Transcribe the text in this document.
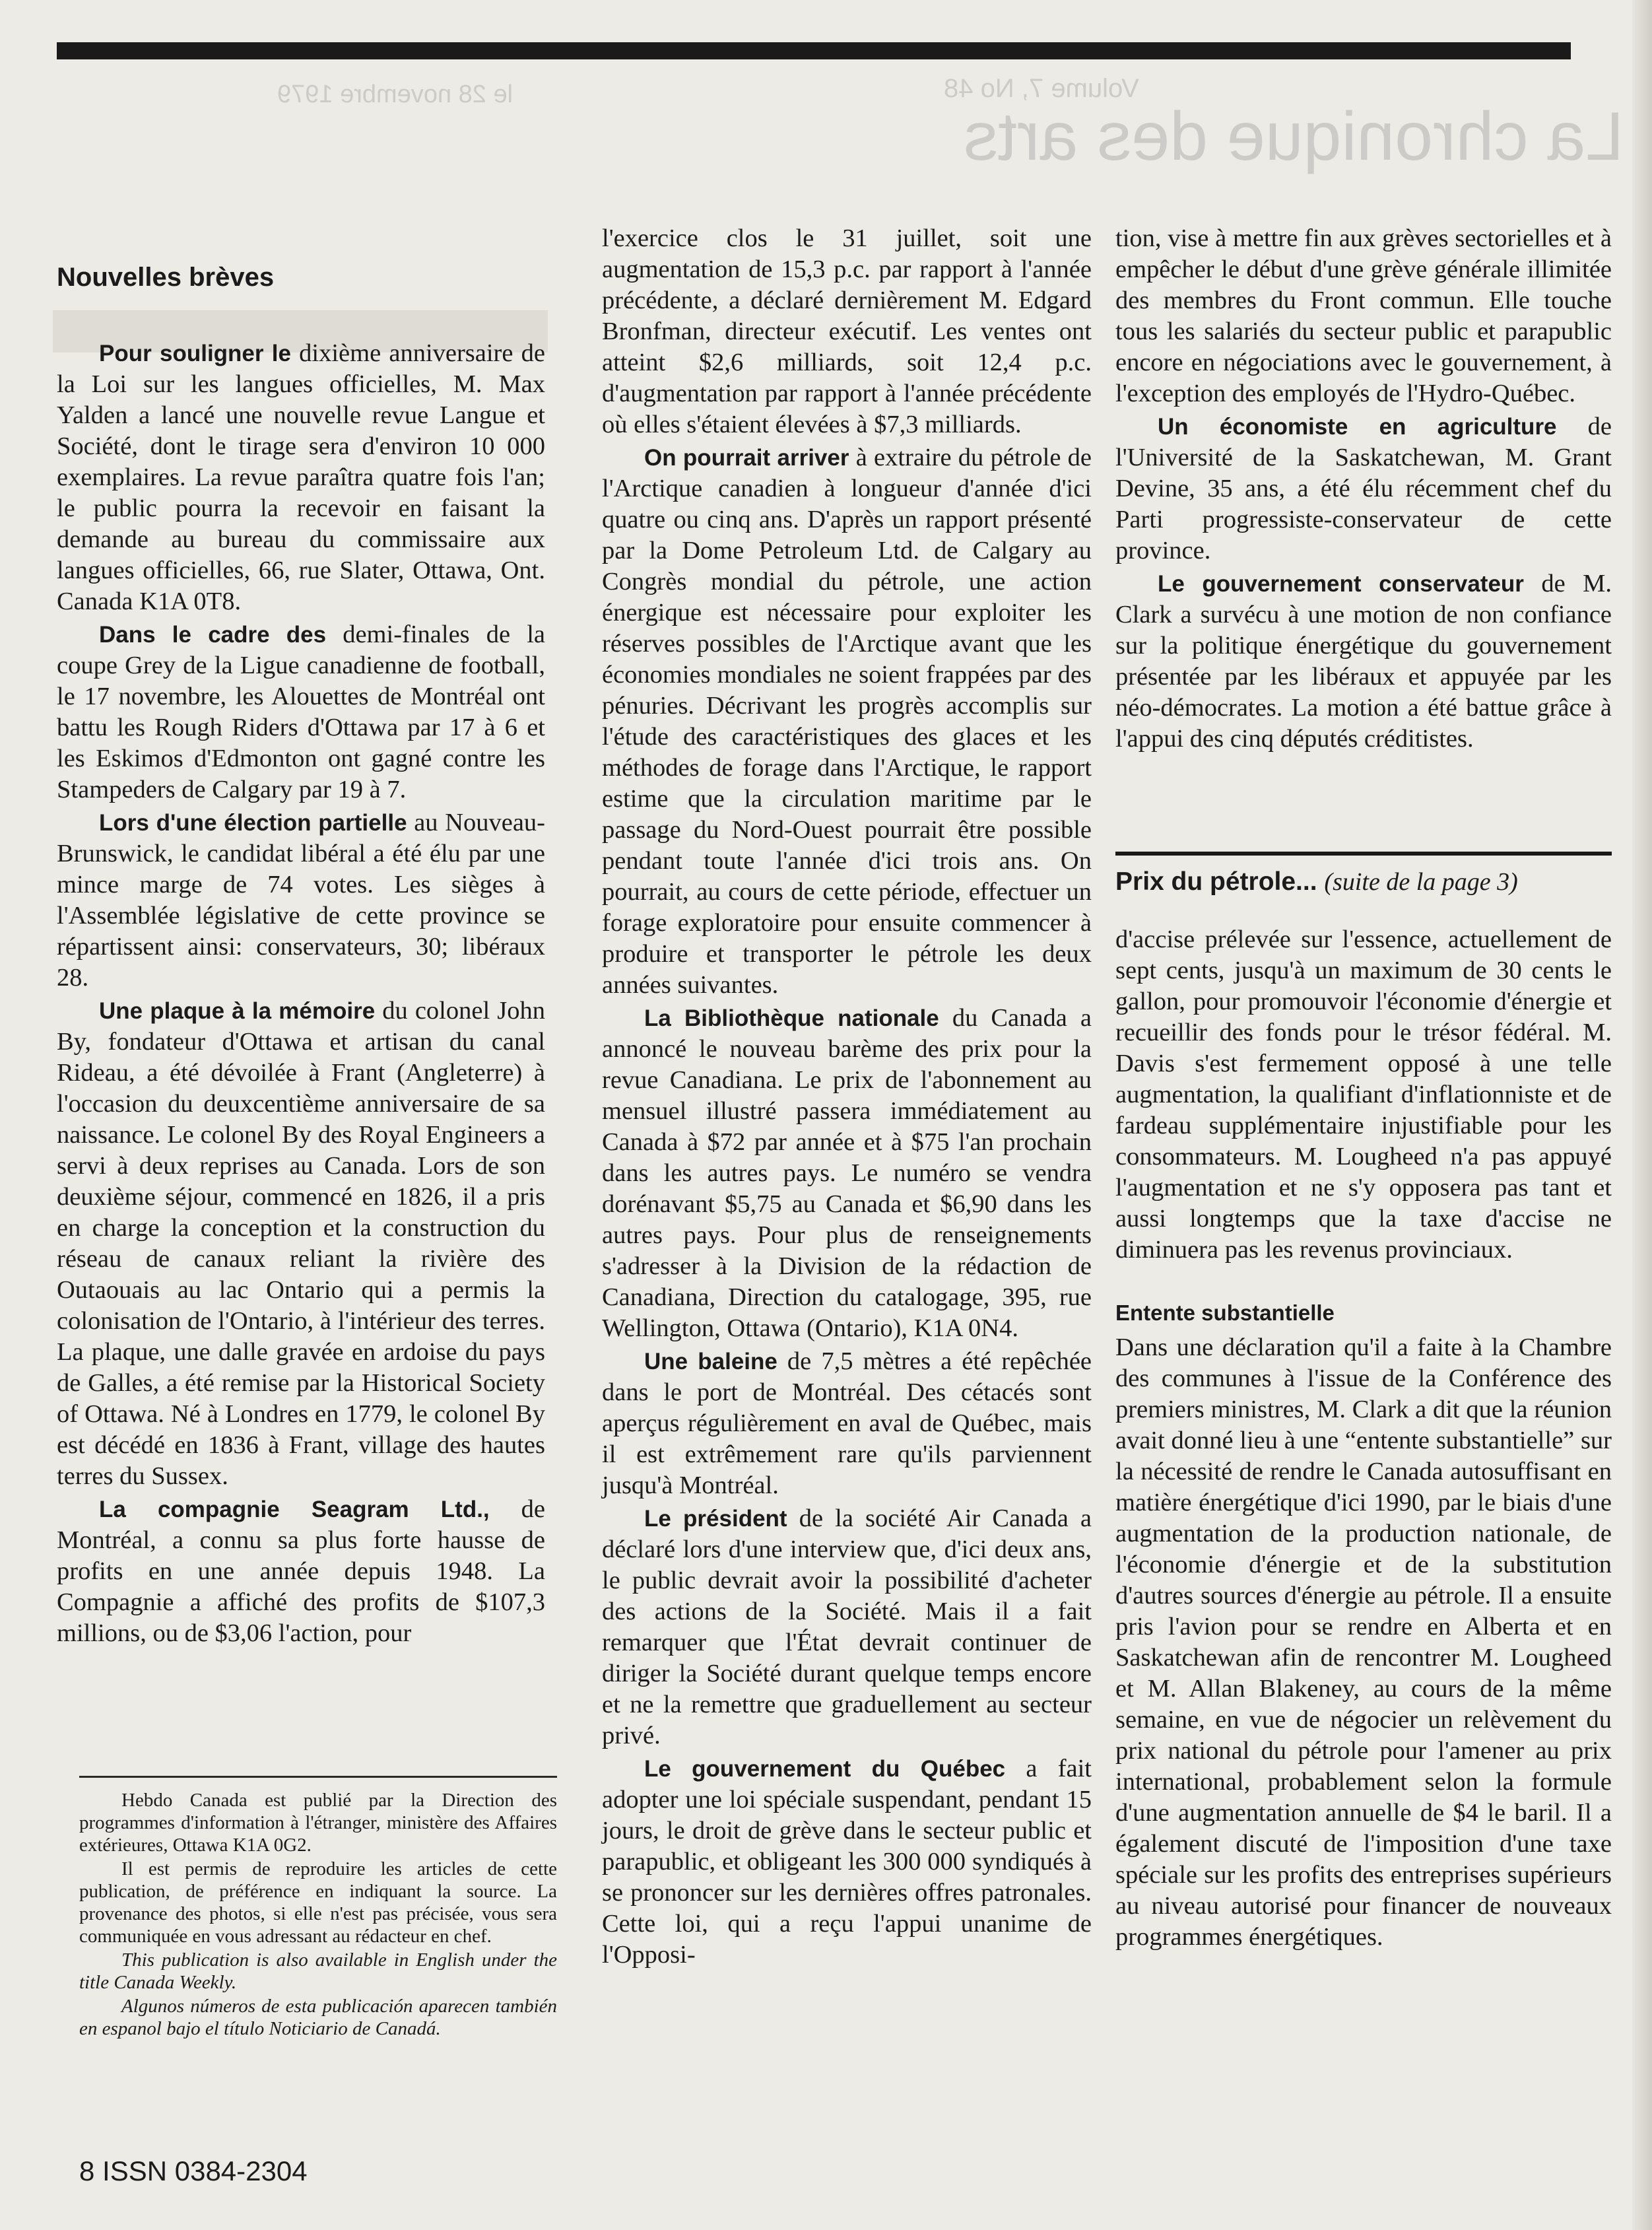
La chronique des arts
Volume 7, No 48
le 28 novembre 1979
Nouvelles brèves

Pour souligner le dixième anniversaire de la Loi sur les langues officielles, M. Max Yalden a lancé une nouvelle revue Langue et Société, dont le tirage sera d'environ 10 000 exemplaires. La revue paraîtra quatre fois l'an; le public pourra la recevoir en faisant la demande au bureau du commissaire aux langues officielles, 66, rue Slater, Ottawa, Ont. Canada K1A 0T8.

Dans le cadre des demi-finales de la coupe Grey de la Ligue canadienne de football, le 17 novembre, les Alouettes de Montréal ont battu les Rough Riders d'Ottawa par 17 à 6 et les Eskimos d'Edmonton ont gagné contre les Stampeders de Calgary par 19 à 7.

Lors d'une élection partielle au Nouveau-Brunswick, le candidat libéral a été élu par une mince marge de 74 votes. Les sièges à l'Assemblée législative de cette province se répartissent ainsi: conservateurs, 30; libéraux 28.

Une plaque à la mémoire du colonel John By, fondateur d'Ottawa et artisan du canal Rideau, a été dévoilée à Frant (Angleterre) à l'occasion du deuxcentième anniversaire de sa naissance. Le colonel By des Royal Engineers a servi à deux reprises au Canada. Lors de son deuxième séjour, commencé en 1826, il a pris en charge la conception et la construction du réseau de canaux reliant la rivière des Outaouais au lac Ontario qui a permis la colonisation de l'Ontario, à l'intérieur des terres. La plaque, une dalle gravée en ardoise du pays de Galles, a été remise par la Historical Society of Ottawa. Né à Londres en 1779, le colonel By est décédé en 1836 à Frant, village des hautes terres du Sussex.

La compagnie Seagram Ltd., de Montréal, a connu sa plus forte hausse de profits en une année depuis 1948. La Compagnie a affiché des profits de $107,3 millions, ou de $3,06 l'action, pour

Hebdo Canada est publié par la Direction des programmes d'information à l'étranger, ministère des Affaires extérieures, Ottawa K1A 0G2.

Il est permis de reproduire les articles de cette publication, de préférence en indiquant la source. La provenance des photos, si elle n'est pas précisée, vous sera communiquée en vous adressant au rédacteur en chef.

This publication is also available in English under the title Canada Weekly.

Algunos números de esta publicación aparecen también en espanol bajo el título Noticiario de Canadá.

l'exercice clos le 31 juillet, soit une augmentation de 15,3 p.c. par rapport à l'année précédente, a déclaré dernièrement M. Edgard Bronfman, directeur exécutif. Les ventes ont atteint $2,6 milliards, soit 12,4 p.c. d'augmentation par rapport à l'année précédente où elles s'étaient élevées à $7,3 milliards.

On pourrait arriver à extraire du pétrole de l'Arctique canadien à longueur d'année d'ici quatre ou cinq ans. D'après un rapport présenté par la Dome Petroleum Ltd. de Calgary au Congrès mondial du pétrole, une action énergique est nécessaire pour exploiter les réserves possibles de l'Arctique avant que les économies mondiales ne soient frappées par des pénuries. Décrivant les progrès accomplis sur l'étude des caractéristiques des glaces et les méthodes de forage dans l'Arctique, le rapport estime que la circulation maritime par le passage du Nord-Ouest pourrait être possible pendant toute l'année d'ici trois ans. On pourrait, au cours de cette période, effectuer un forage exploratoire pour ensuite commencer à produire et transporter le pétrole les deux années suivantes.

La Bibliothèque nationale du Canada a annoncé le nouveau barème des prix pour la revue Canadiana. Le prix de l'abonnement au mensuel illustré passera immédiatement au Canada à $72 par année et à $75 l'an prochain dans les autres pays. Le numéro se vendra dorénavant $5,75 au Canada et $6,90 dans les autres pays. Pour plus de renseignements s'adresser à la Division de la rédaction de Canadiana, Direction du catalogage, 395, rue Wellington, Ottawa (Ontario), K1A 0N4.

Une baleine de 7,5 mètres a été repêchée dans le port de Montréal. Des cétacés sont aperçus régulièrement en aval de Québec, mais il est extrêmement rare qu'ils parviennent jusqu'à Montréal.

Le président de la société Air Canada a déclaré lors d'une interview que, d'ici deux ans, le public devrait avoir la possibilité d'acheter des actions de la Société. Mais il a fait remarquer que l'État devrait continuer de diriger la Société durant quelque temps encore et ne la remettre que graduellement au secteur privé.

Le gouvernement du Québec a fait adopter une loi spéciale suspendant, pendant 15 jours, le droit de grève dans le secteur public et parapublic, et obligeant les 300 000 syndiqués à se prononcer sur les dernières offres patronales. Cette loi, qui a reçu l'appui unanime de l'Opposi-

tion, vise à mettre fin aux grèves sectorielles et à empêcher le début d'une grève générale illimitée des membres du Front commun. Elle touche tous les salariés du secteur public et parapublic encore en négociations avec le gouvernement, à l'exception des employés de l'Hydro-Québec.

Un économiste en agriculture de l'Université de la Saskatchewan, M. Grant Devine, 35 ans, a été élu récemment chef du Parti progressiste-conservateur de cette province.

Le gouvernement conservateur de M. Clark a survécu à une motion de non confiance sur la politique énergétique du gouvernement présentée par les libéraux et appuyée par les néo-démocrates. La motion a été battue grâce à l'appui des cinq députés créditistes.

Prix du pétrole... (suite de la page 3)

d'accise prélevée sur l'essence, actuellement de sept cents, jusqu'à un maximum de 30 cents le gallon, pour promouvoir l'économie d'énergie et recueillir des fonds pour le trésor fédéral. M. Davis s'est fermement opposé à une telle augmentation, la qualifiant d'inflationniste et de fardeau supplémentaire injustifiable pour les consommateurs. M. Lougheed n'a pas appuyé l'augmentation et ne s'y opposera pas tant et aussi longtemps que la taxe d'accise ne diminuera pas les revenus provinciaux.

Entente substantielle

Dans une déclaration qu'il a faite à la Chambre des communes à l'issue de la Conférence des premiers ministres, M. Clark a dit que la réunion avait donné lieu à une “entente substantielle” sur la nécessité de rendre le Canada autosuffisant en matière énergétique d'ici 1990, par le biais d'une augmentation de la production nationale, de l'économie d'énergie et de la substitution d'autres sources d'énergie au pétrole. Il a ensuite pris l'avion pour se rendre en Alberta et en Saskatchewan afin de rencontrer M. Lougheed et M. Allan Blakeney, au cours de la même semaine, en vue de négocier un relèvement du prix national du pétrole pour l'amener au prix international, probablement selon la formule d'une augmentation annuelle de $4 le baril. Il a également discuté de l'imposition d'une taxe spéciale sur les profits des entreprises supérieurs au niveau autorisé pour financer de nouveaux programmes énergétiques.

8 ISSN 0384-2304
